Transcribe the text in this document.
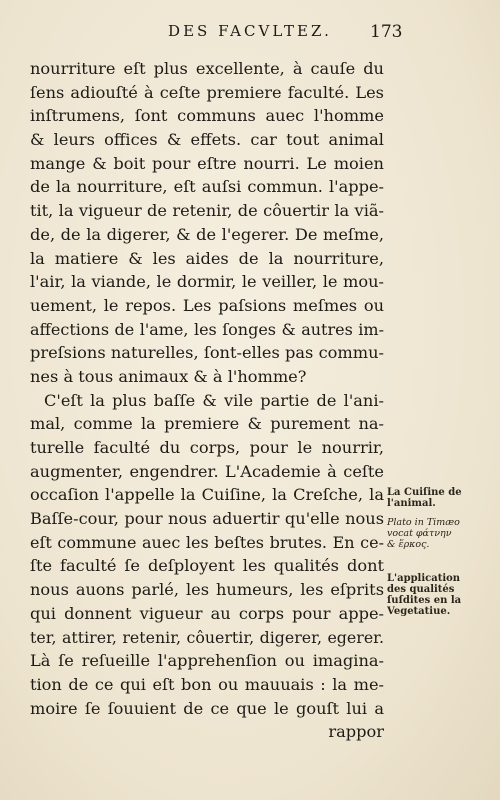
DES FACVLTEZ.	173
nourriture eſt plus excellente, à cauſe du
ſens adiouſté à ceſte premiere faculté. Les
inſtrumens, ſont communs auec l'homme
& leurs offices & effets. car tout animal
mange & boit pour eſtre nourri. Le moien
de la nourriture, eſt auſsi commun. l'appe-
tit, la vigueur de retenir, de côuertir la viã-
de, de la digerer, & de l'egerer. De meſme,
la matiere & les aides de la nourriture,
l'air, la viande, le dormir, le veiller, le mou-
uement, le repos. Les paſsions meſmes ou
affections de l'ame, les ſonges & autres im-
preſsions naturelles, ſont-elles pas commu-
nes à tous animaux & à l'homme?
C'eſt la plus baſſe & vile partie de l'ani-
mal, comme la premiere & purement na-
turelle faculté du corps, pour le nourrir,
augmenter, engendrer. L'Academie à ceſte
occaſion l'appelle la Cuiſine, la Creſche, la
Baſſe-cour, pour nous aduertir qu'elle nous
eſt commune auec les beſtes brutes. En ce-
ſte faculté ſe deſployent les qualités dont
nous auons parlé, les humeurs, les eſprits
qui donnent vigueur au corps pour appe-
ter, attirer, retenir, côuertir, digerer, egerer.
Là ſe reſueille l'apprehenſion ou imagina-
tion de ce qui eſt bon ou mauuais : la me-
moire ſe ſouuient de ce que le gouſt lui a
rappor
La Cuiſine de
l'animal.
Plato in Timæo
vocat φάτνην
& ἕρκος.
L'application
des qualités
ſuſdites en la
Vegetatiue.
